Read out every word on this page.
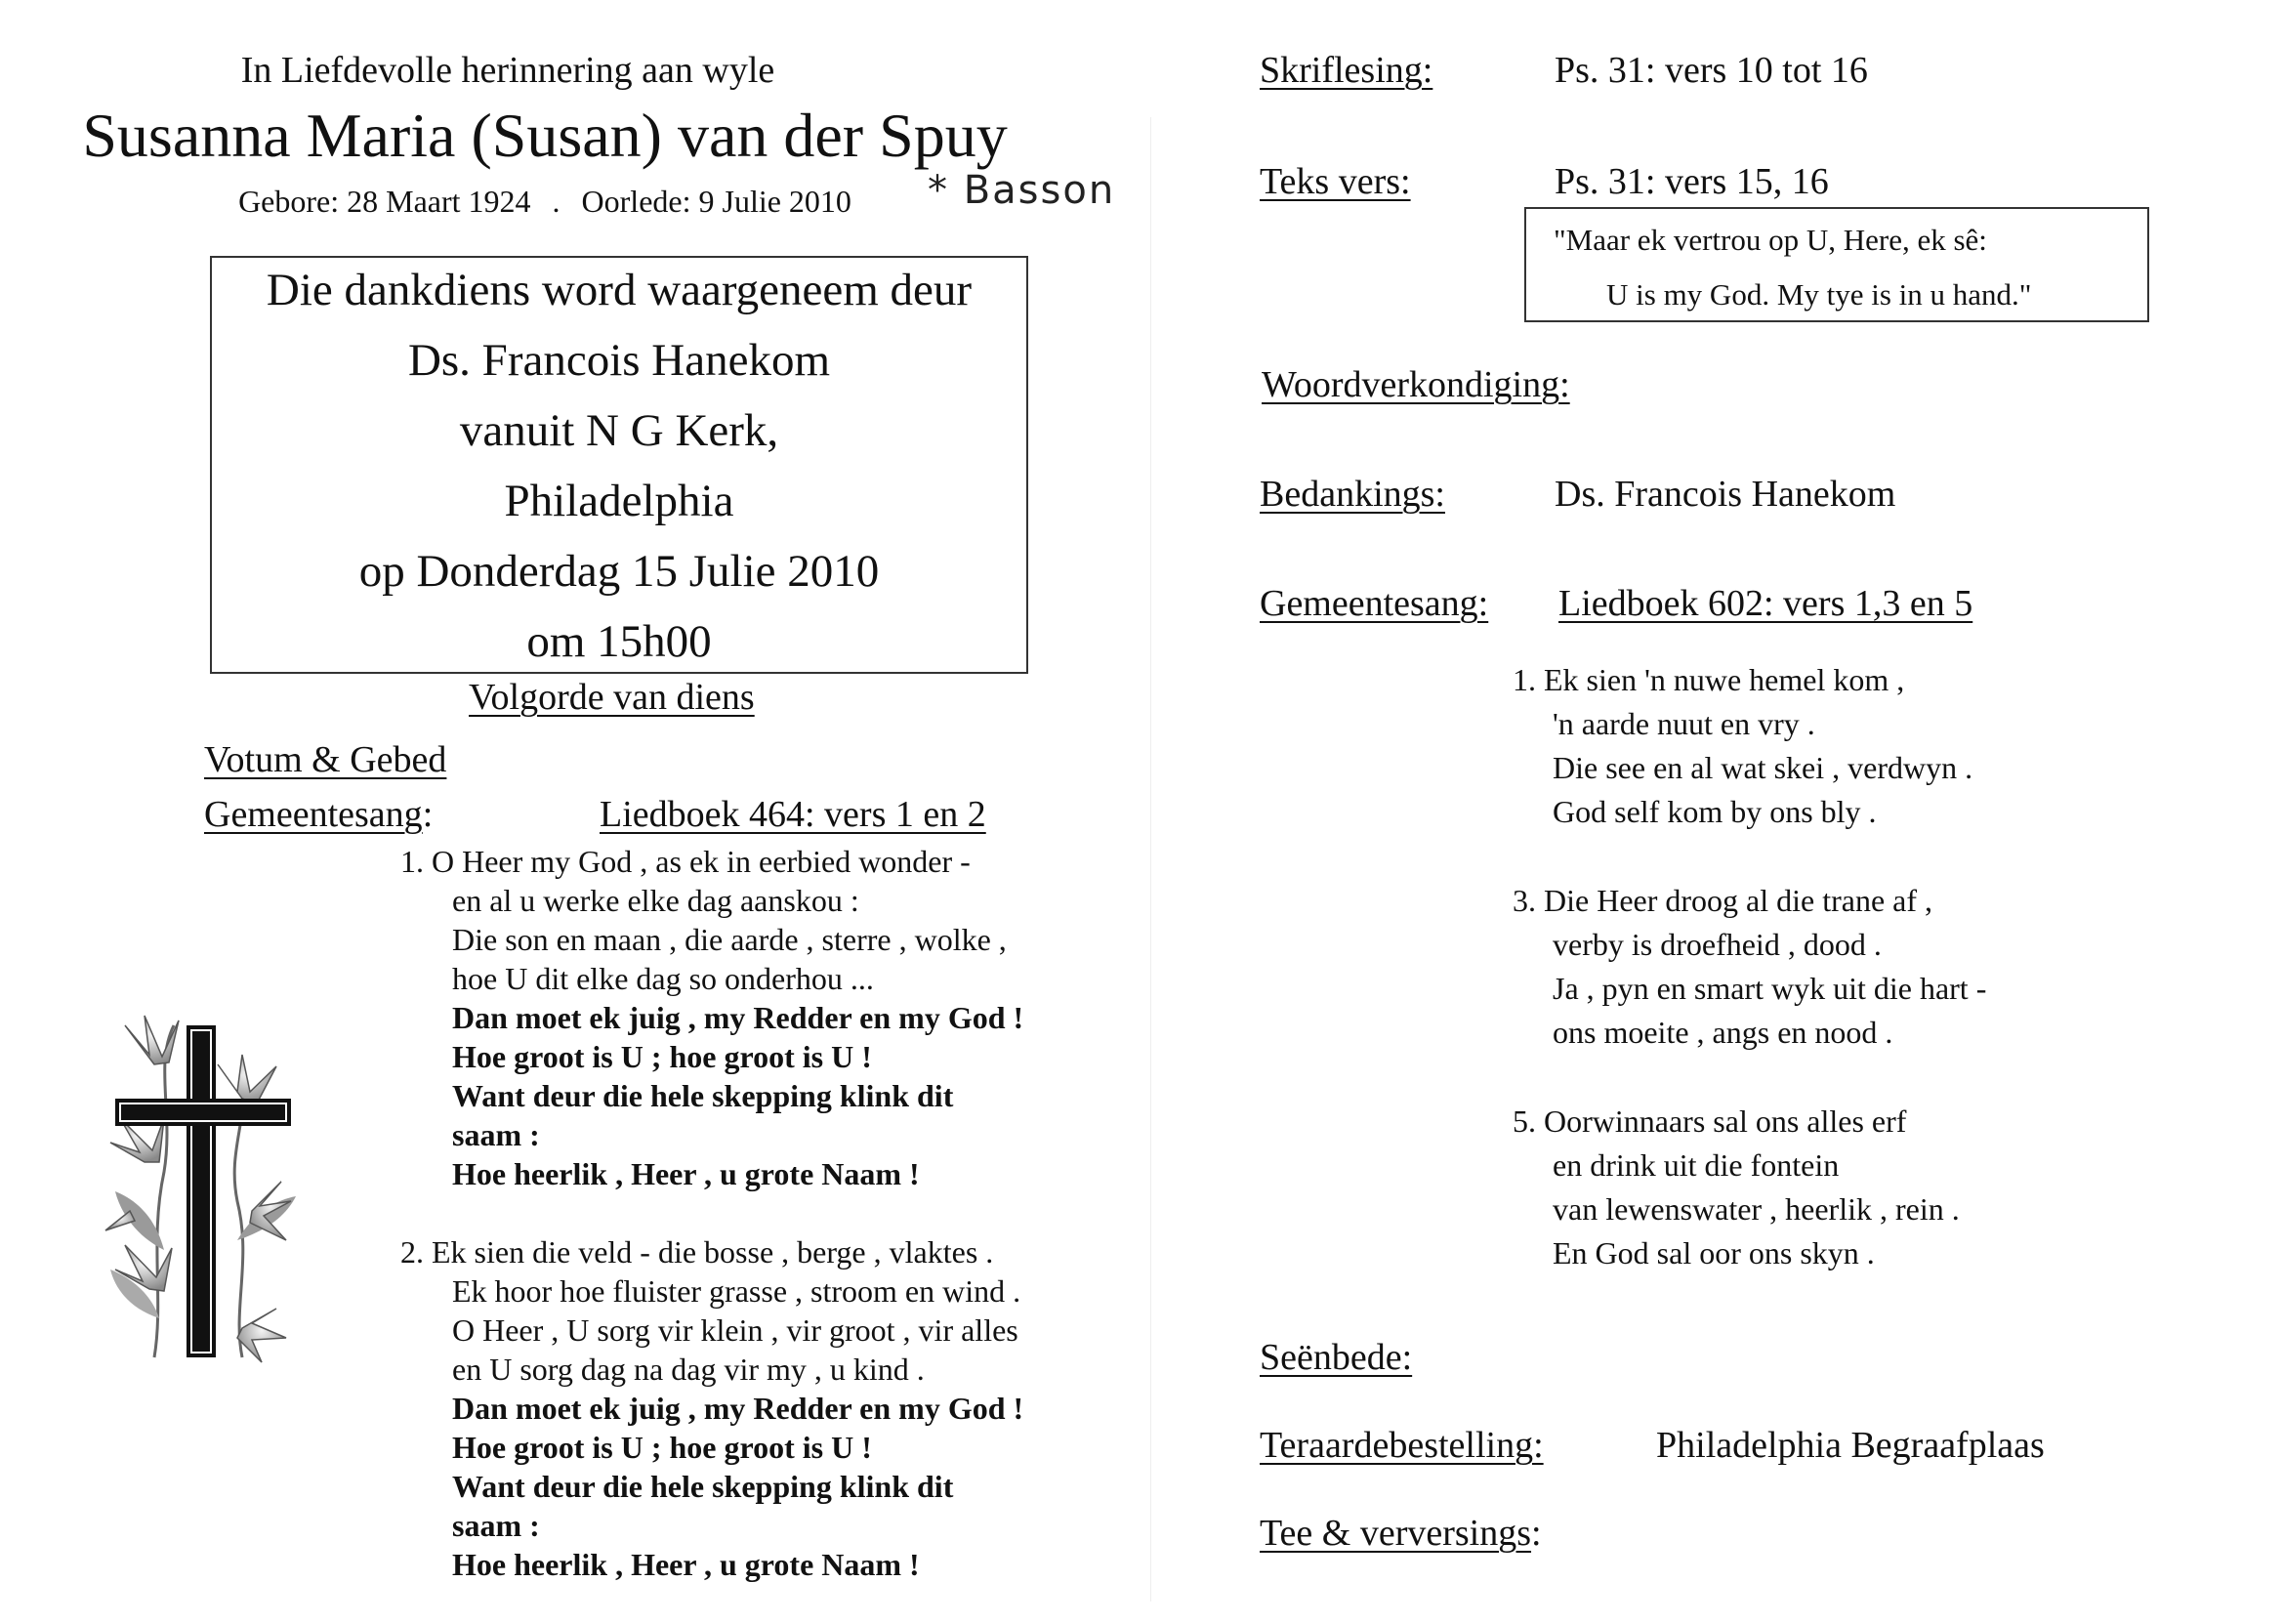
In Liefdevolle herinnering aan wyle
Susanna Maria (Susan) van der Spuy
Gebore: 28 Maart 1924 . Oorlede: 9 Julie 2010	* Basson
Die dankdiens word waargeneem deur
Ds. Francois Hanekom
vanuit N G Kerk,
Philadelphia
op Donderdag 15 Julie 2010
om 15h00
Volgorde van diens
Votum & Gebed
Gemeentesang:	Liedboek 464: vers 1 en 2
1. O Heer my God , as ek in eerbied wonder -
en al u werke elke dag aanskou :
Die son en maan , die aarde , sterre , wolke ,
hoe U dit elke dag so onderhou ...
Dan moet ek juig , my Redder en my God !
Hoe groot is U ; hoe groot is U !
Want deur die hele skepping klink dit
saam :
Hoe heerlik , Heer , u grote Naam !
2. Ek sien die veld - die bosse , berge , vlaktes .
Ek hoor hoe fluister grasse , stroom en wind .
O Heer , U sorg vir klein , vir groot , vir alles
en U sorg dag na dag vir my , u kind .
Dan moet ek juig , my Redder en my God !
Hoe groot is U ; hoe groot is U !
Want deur die hele skepping klink dit
saam :
Hoe heerlik , Heer , u grote Naam !
Skriflesing:	Ps. 31: vers 10 tot 16
Teks vers:	Ps. 31: vers 15, 16
"Maar ek vertrou op U, Here, ek sê:
U is my God. My tye is in u hand."
Woordverkondiging:
Bedankings:	Ds. Francois Hanekom
Gemeentesang: Liedboek 602: vers 1,3 en 5
1. Ek sien 'n nuwe hemel kom ,
'n aarde nuut en vry .
Die see en al wat skei , verdwyn .
God self kom by ons bly .
3. Die Heer droog al die trane af ,
verby is droefheid , dood .
Ja , pyn en smart wyk uit die hart -
ons moeite , angs en nood .
5. Oorwinnaars sal ons alles erf
en drink uit die fontein
van lewenswater , heerlik , rein .
En God sal oor ons skyn .
Seënbede:
Teraardebestelling:	Philadelphia Begraafplaas
Tee & verversings:
